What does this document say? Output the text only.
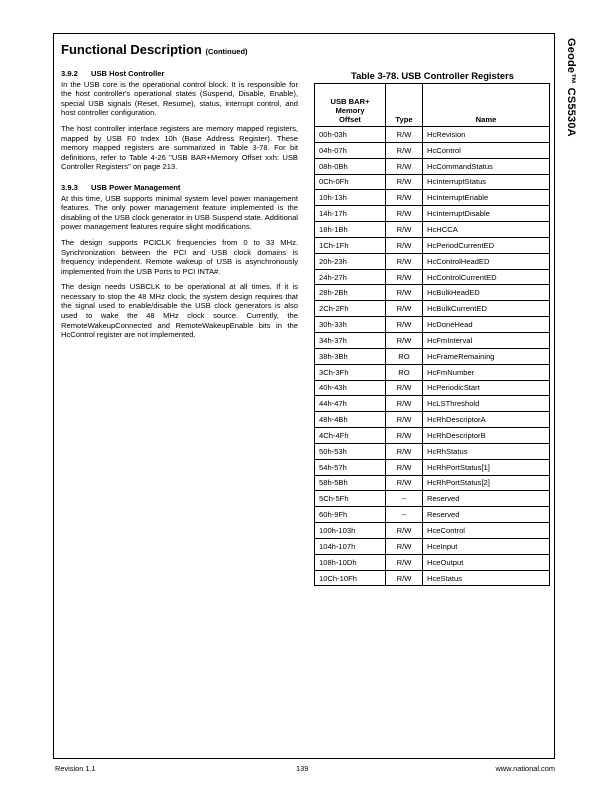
Geode™ CS5530A
Functional Description (Continued)
3.9.2 USB Host Controller

In the USB core is the operational control block. It is responsible for the host controller's operational states (Suspend, Disable, Enable), special USB signals (Reset, Resume), status, interrupt control, and host controller configuration.

The host controller interface registers are memory mapped registers, mapped by USB F0 Index 10h (Base Address Register). These memory mapped registers are summarized in Table 3-78. For bit definitions, refer to Table 4-26 "USB BAR+Memory Offset xxh: USB Controller Registers" on page 213.

3.9.3 USB Power Management

At this time, USB supports minimal system level power management features. The only power management feature implemented is the disabling of the USB clock generator in USB Suspend state. Additional power management features require slight modifications.

The design supports PCICLK frequencies from 0 to 33 MHz. Synchronization between the PCI and USB clock domains is frequency independent. Remote wakeup of USB is asynchronously implemented from the USB Ports to PCI INTA#.

The design needs USBCLK to be operational at all times. If it is necessary to stop the 48 MHz clock, the system design requires that the signal used to enable/disable the USB clock generators is also used to wake the 48 MHz clock source. Currently, the RemoteWakeupConnected and RemoteWakeupEnable bits in the HcControl register are not implemented.

Table 3-78. USB Controller Registers
USB BAR+
Memory
Offset	Type	Name
00h-03h	R/W	HcRevision
04h-07h	R/W	HcControl
08h-0Bh	R/W	HcCommandStatus
0Ch-0Fh	R/W	HcInterruptStatus
10h-13h	R/W	HcInterruptEnable
14h-17h	R/W	HcInterruptDisable
18h-1Bh	R/W	HcHCCA
1Ch-1Fh	R/W	HcPeriodCurrentED
20h-23h	R/W	HcControlHeadED
24h-27h	R/W	HcControlCurrentED
28h-2Bh	R/W	HcBulkHeadED
2Ch-2Fh	R/W	HcBulkCurrentED
30h-33h	R/W	HcDoneHead
34h-37h	R/W	HcFmInterval
38h-3Bh	RO	HcFrameRemaining
3Ch-3Fh	RO	HcFmNumber
40h-43h	R/W	HcPeriodicStart
44h-47h	R/W	HcLSThreshold
48h-4Bh	R/W	HcRhDescriptorA
4Ch-4Fh	R/W	HcRhDescriptorB
50h-53h	R/W	HcRhStatus
54h-57h	R/W	HcRhPortStatus[1]
58h-5Bh	R/W	HcRhPortStatus[2]
5Ch-5Fh	--	Reserved
60h-9Fh	--	Reserved
100h-103h	R/W	HceControl
104h-107h	R/W	HceInput
108h-10Dh	R/W	HceOutput
10Ch-10Fh	R/W	HceStatus
Revision 1.1	139	www.national.com
